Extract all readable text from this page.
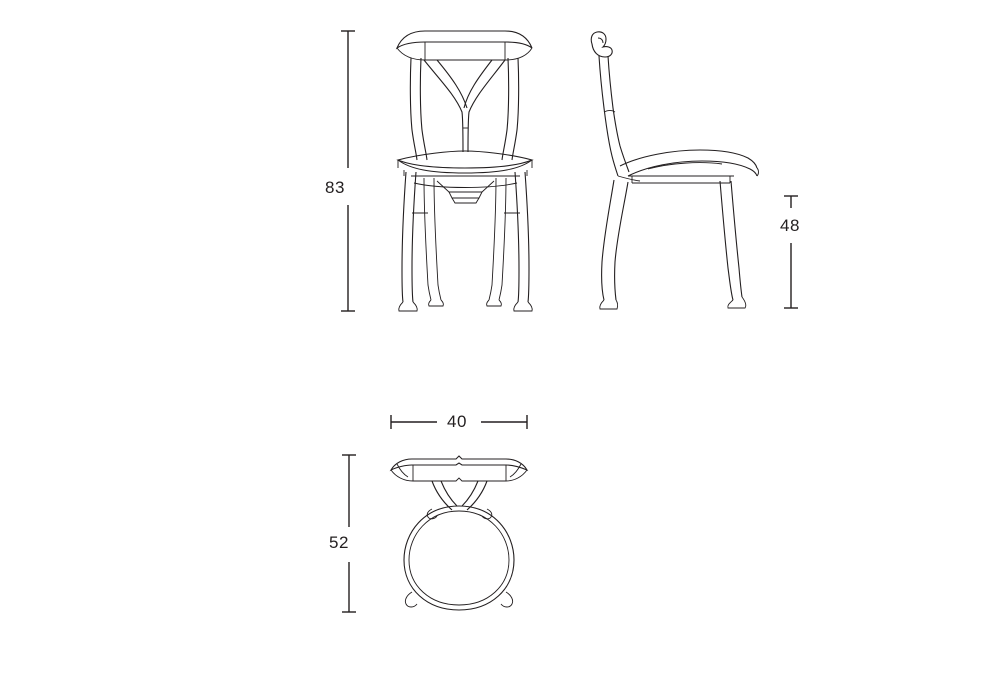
83
48
52
40
